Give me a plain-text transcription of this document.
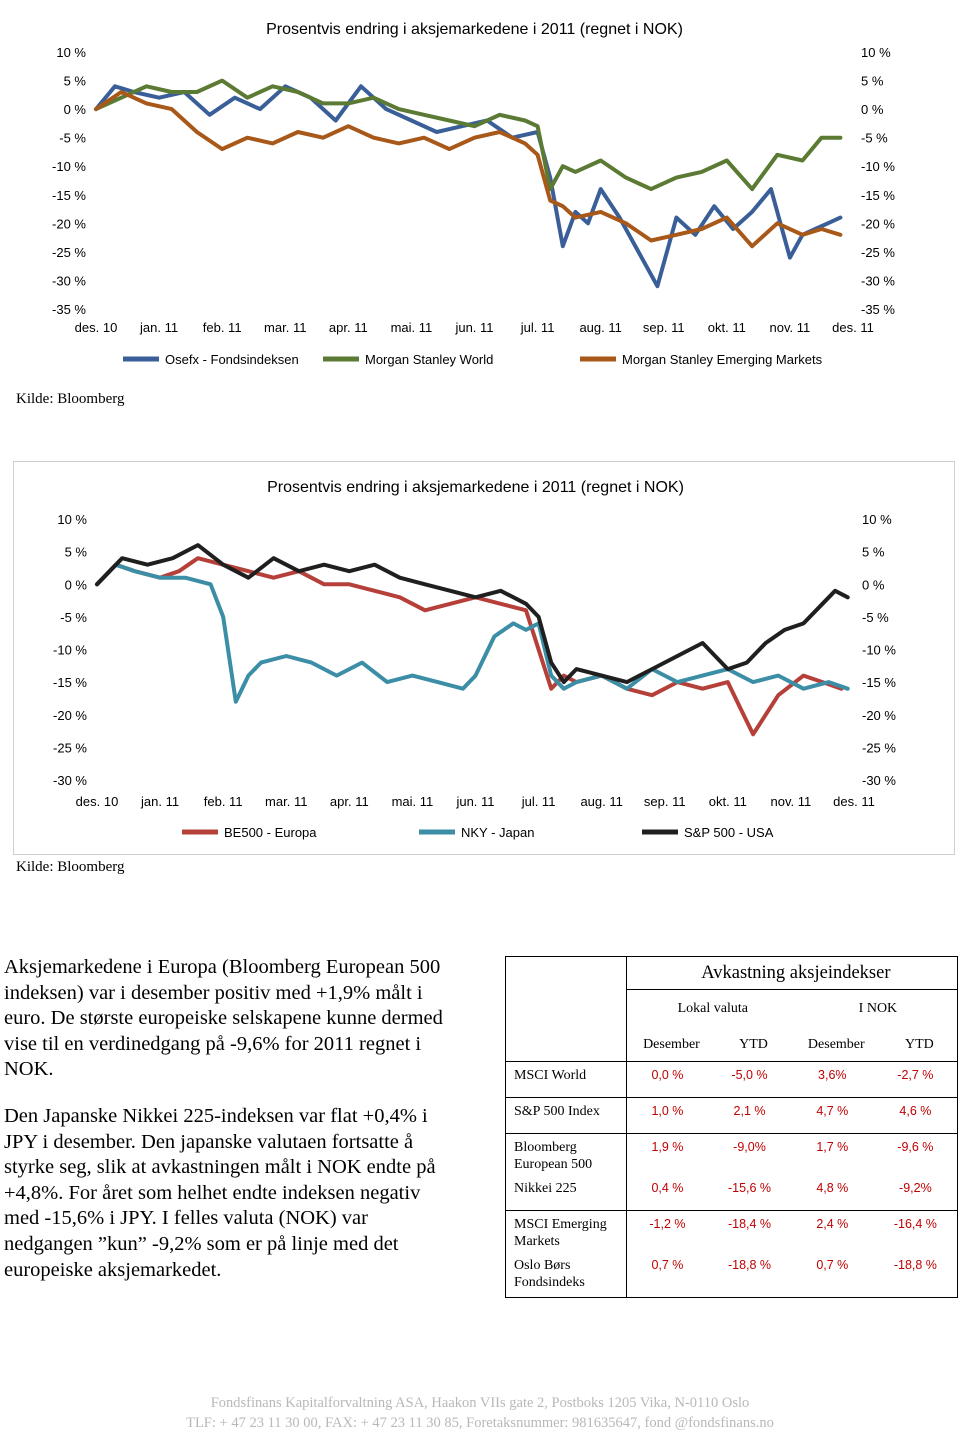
Prosentvis endring i aksjemarkedene i 2011 (regnet i NOK)
10 %	10 %
5 %	5 %
0 %	0 %
-5 %	-5 %
-10 %	-10 %
-15 %	-15 %
-20 %	-20 %
-25 %	-25 %
-30 %	-30 %
-35 %	-35 %
des. 10 jan. 11 feb. 11 mar. 11 apr. 11 mai. 11 jun. 11 jul. 11 aug. 11 sep. 11 okt. 11 nov. 11 des. 11
Osefx - Fondsindeksen	Morgan Stanley World	Morgan Stanley Emerging Markets
Kilde: Bloomberg
Prosentvis endring i aksjemarkedene i 2011 (regnet i NOK)
10 %	10 %
5 %	5 %
0 %	0 %
-5 %	-5 %
-10 %	-10 %
-15 %	-15 %
-20 %	-20 %
-25 %	-25 %
-30 %	-30 %
des. 10 jan. 11 feb. 11 mar. 11 apr. 11 mai. 11 jun. 11 jul. 11 aug. 11 sep. 11 okt. 11 nov. 11 des. 11
BE500 - Europa	NKY - Japan	S&P 500 - USA
Kilde: Bloomberg

Aksjemarkedene i Europa (Bloomberg European 500 indeksen) var i desember positiv med +1,9% målt i euro. De største europeiske selskapene kunne dermed vise til en verdinedgang på -9,6% for 2011 regnet i NOK.

Den Japanske Nikkei 225-indeksen var flat +0,4% i JPY i desember. Den japanske valutaen fortsatte å styrke seg, slik at avkastningen målt i NOK endte på +4,8%. For året som helhet endte indeksen negativ med -15,6% i JPY. I felles valuta (NOK) var nedgangen ”kun” -9,2% som er på linje med det europeiske aksjemarkedet.

	Avkastning aksjeindekser			
	Lokal valuta		I NOK	
	Desember	YTD	Desember	YTD
MSCI World	0,0 %	-5,0 %	3,6%	-2,7 %
S&P 500 Index	1,0 %	2,1 %	4,7 %	4,6 %
Bloomberg European 500	1,9 %	-9,0%	1,7 %	-9,6 %
Nikkei 225	0,4 %	-15,6 %	4,8 %	-9,2%
MSCI Emerging Markets	-1,2 %	-18,4 %	2,4 %	-16,4 %
Oslo Børs Fondsindeks	0,7 %	-18,8 %	0,7 %	-18,8 %
Fondsfinans Kapitalforvaltning ASA, Haakon VIIs gate 2, Postboks 1205 Vika, N-0110 Oslo
TLF: + 47 23 11 30 00, FAX: + 47 23 11 30 85, Foretaksnummer: 981635647, fond @fondsfinans.no
